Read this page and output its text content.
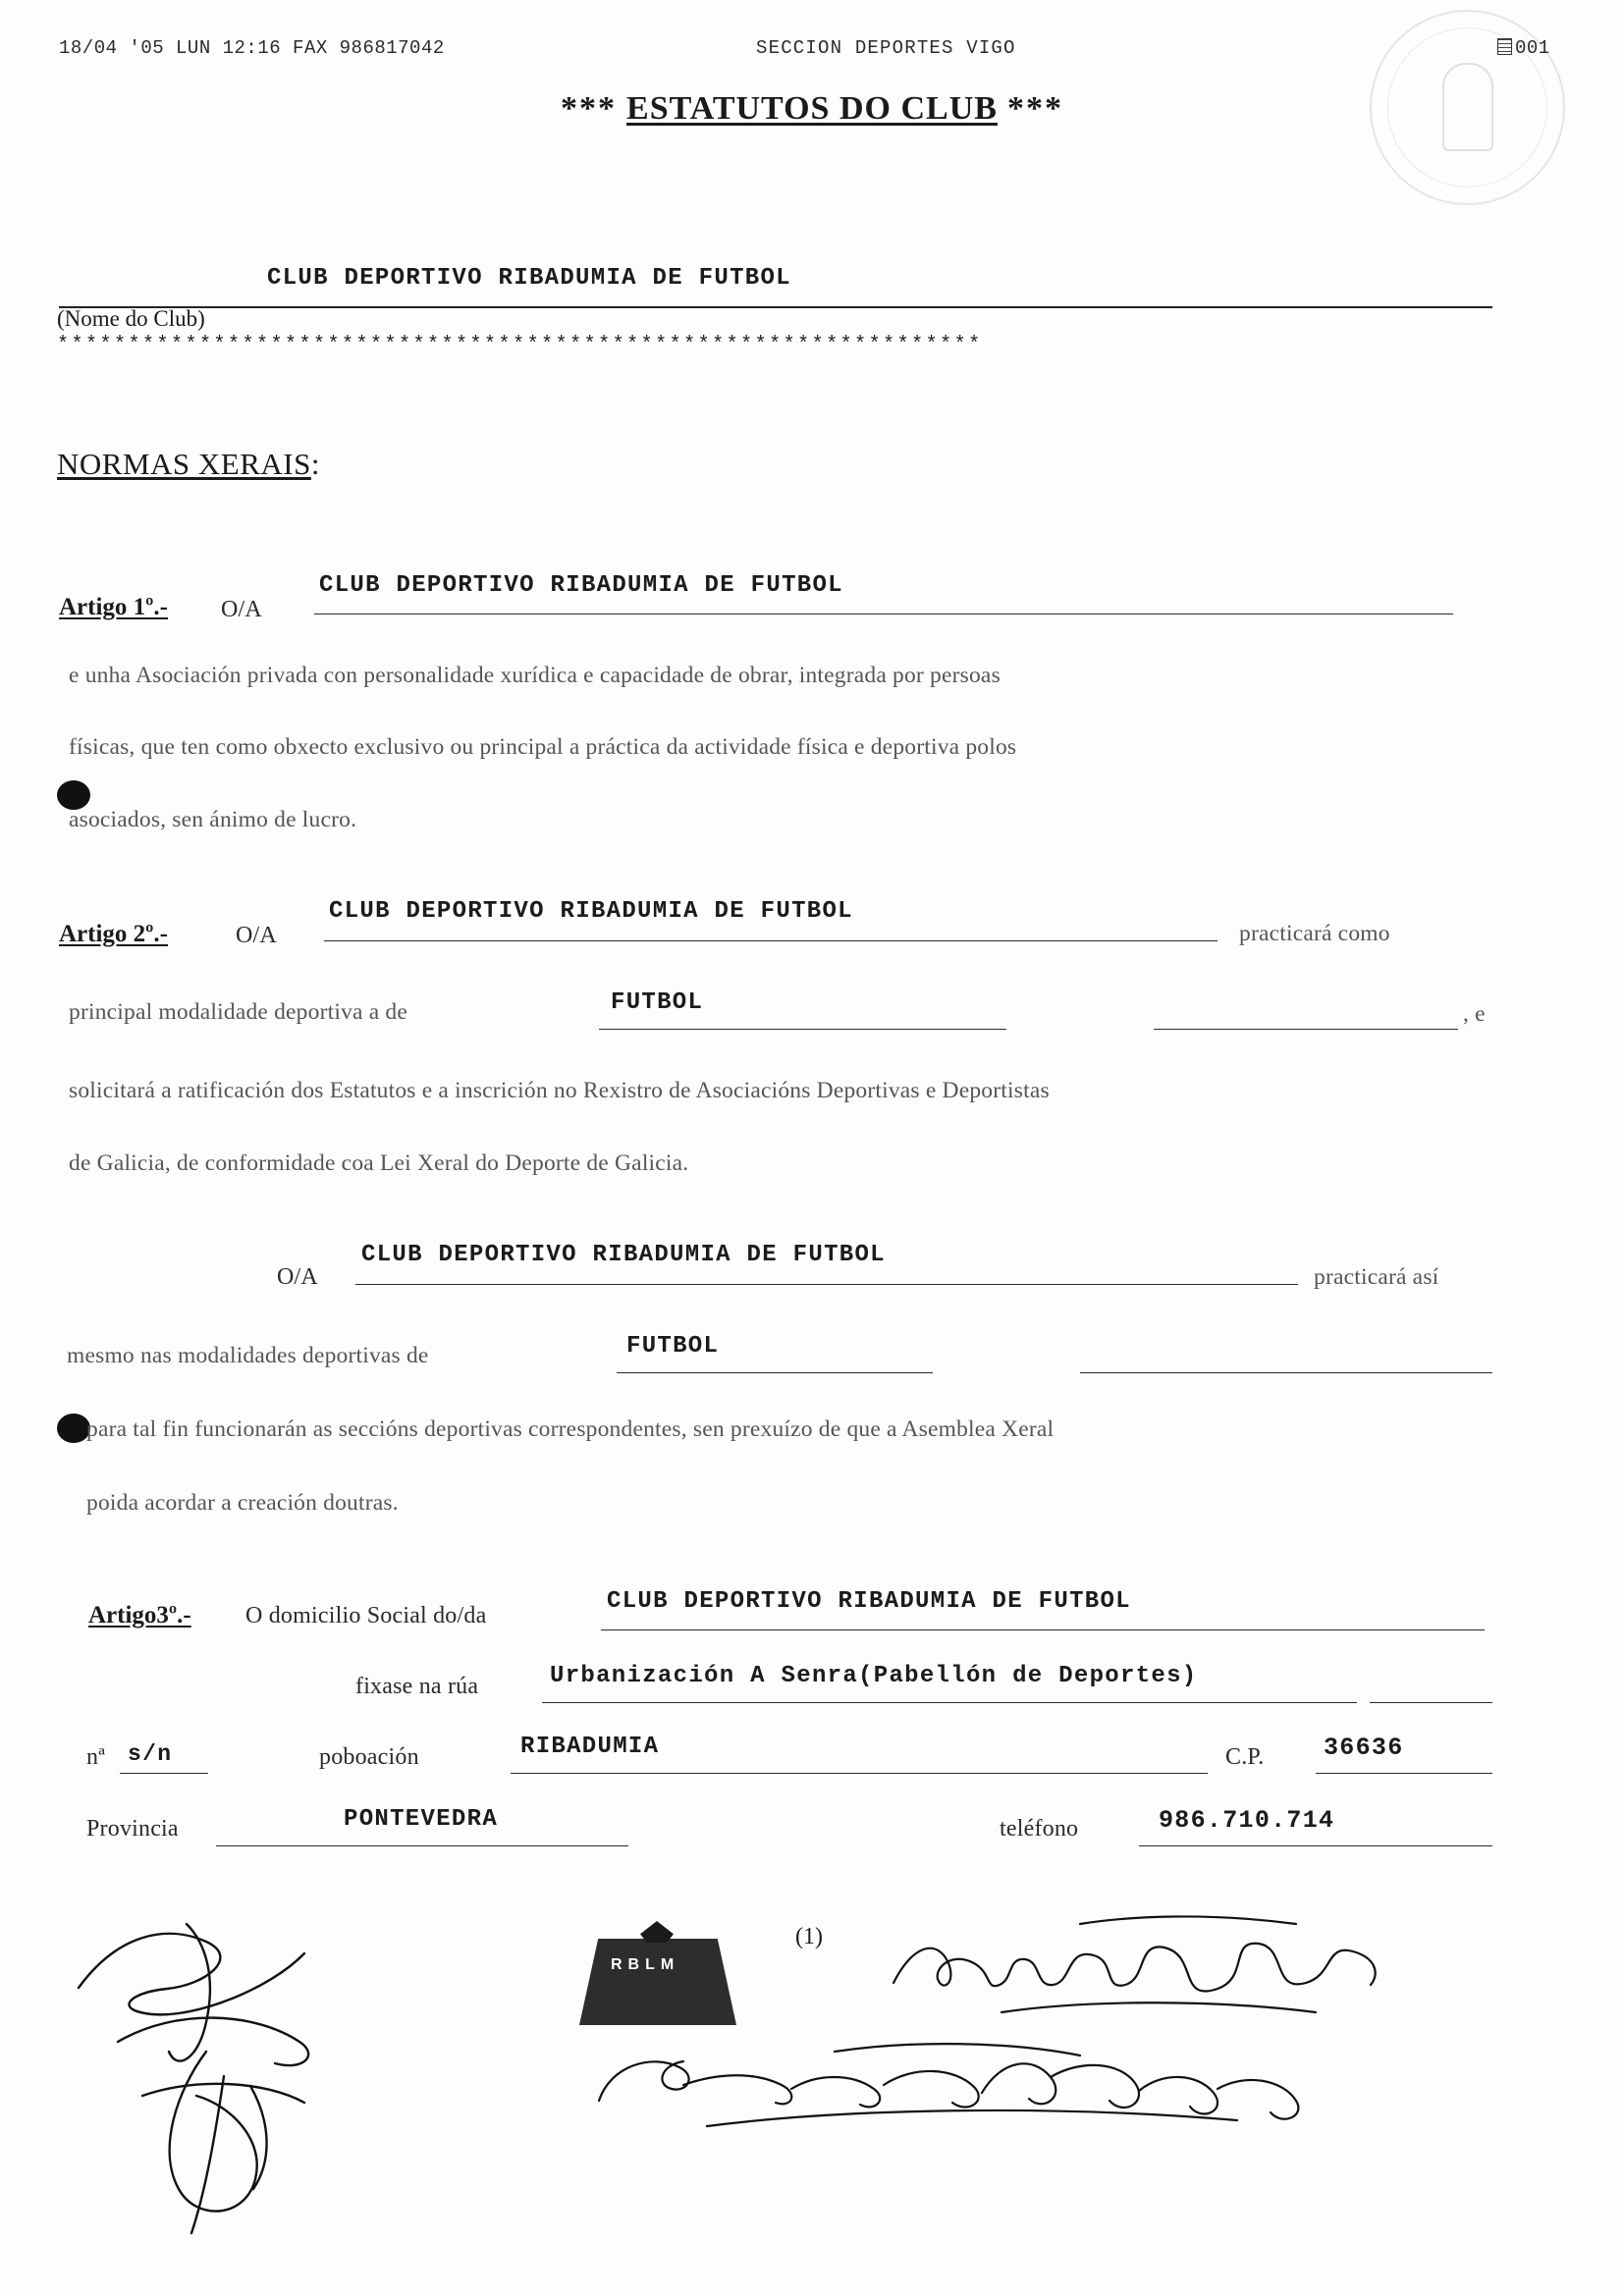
18/04 '05 LUN 12:16 FAX 986817042	SECCION DEPORTES VIGO	001
*** ESTATUTOS DO CLUB ***
CLUB DEPORTIVO RIBADUMIA DE FUTBOL
(Nome do Club)
*****************************************************************
NORMAS XERAIS:
Artigo 1º.- O/A
CLUB DEPORTIVO RIBADUMIA DE FUTBOL
e unha Asociación privada con personalidade xurídica e capacidade de obrar, integrada por persoas
físicas, que ten como obxecto exclusivo ou principal a práctica da actividade física e deportiva polos
asociados, sen ánimo de lucro.
Artigo 2º.-	O/A
CLUB DEPORTIVO RIBADUMIA DE FUTBOL
practicará como
principal modalidade deportiva a de	FUTBOL	, e
solicitará a ratificación dos Estatutos e a inscrición no Rexistro de Asociacións Deportivas e Deportistas
de Galicia, de conformidade coa Lei Xeral do Deporte de Galicia.
O/A
CLUB DEPORTIVO RIBADUMIA DE FUTBOL
practicará así
mesmo nas modalidades deportivas de	FUTBOL
para tal fin funcionarán as seccións deportivas correspondentes, sen prexuízo de que a Asemblea Xeral
poida acordar a creación doutras.
Artigo3º.- O domicilio Social do/da
CLUB DEPORTIVO RIBADUMIA DE FUTBOL
fixase na rúa	Urbanización A Senra(Pabellón de Deportes)
nª s/n	poboación	RIBADUMIA	C.P. 36636
Provincia	PONTEVEDRA	teléfono	986.710.714
RBLM
(1)
